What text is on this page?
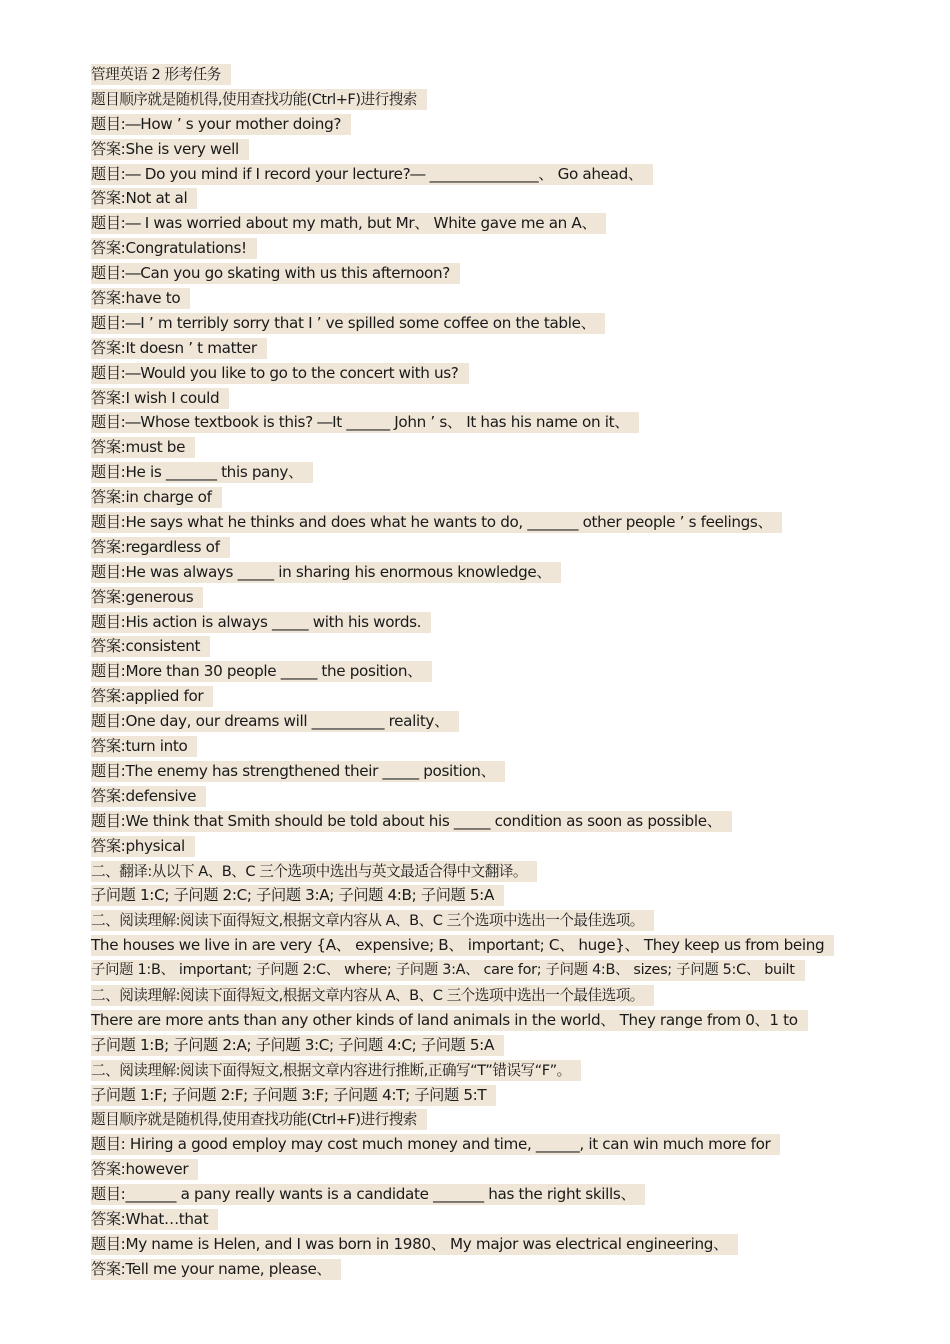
管理英语 2 形考任务
题目顺序就是随机得,使用查找功能(Ctrl+F)进行搜索
题目:―How ’ s your mother doing?
答案:She is very well
题目:― Do you mind if I record your lecture?― _______________、 Go ahead、
答案:Not at al
题目:― I was worried about my math, but Mr、 White gave me an A、
答案:Congratulations!
题目:―Can you go skating with us this afternoon?
答案:have to
题目:―I ’ m terribly sorry that I ’ ve spilled some coffee on the table、
答案:It doesn ’ t matter
题目:―Would you like to go to the concert with us?
答案:I wish I could
题目:―Whose textbook is this? ―It ______ John ’ s、 It has his name on it、
答案:must be
题目:He is _______ this pany、
答案:in charge of
题目:He says what he thinks and does what he wants to do, _______ other people ’ s feelings、
答案:regardless of
题目:He was always _____ in sharing his enormous knowledge、
答案:generous
题目:His action is always _____ with his words.
答案:consistent
题目:More than 30 people _____ the position、
答案:applied for
题目:One day, our dreams will __________ reality、
答案:turn into
题目:The enemy has strengthened their _____ position、
答案:defensive
题目:We think that Smith should be told about his _____ condition as soon as possible、
答案:physical
二、翻译:从以下 A、B、C 三个选项中选出与英文最适合得中文翻译。
子问题 1:C; 子问题 2:C; 子问题 3:A; 子问题 4:B; 子问题 5:A
二、阅读理解:阅读下面得短文,根据文章内容从 A、B、C 三个选项中选出一个最佳选项。
The houses we live in are very {A、 expensive; B、 important; C、 huge}、 They keep us from being
子问题 1:B、 important; 子问题 2:C、 where; 子问题 3:A、 care for; 子问题 4:B、 sizes; 子问题 5:C、 built
二、阅读理解:阅读下面得短文,根据文章内容从 A、B、C 三个选项中选出一个最佳选项。
There are more ants than any other kinds of land animals in the world、 They range from 0、1 to
子问题 1:B; 子问题 2:A; 子问题 3:C; 子问题 4:C; 子问题 5:A
二、阅读理解:阅读下面得短文,根据文章内容进行推断,正确写“T”错误写“F”。
子问题 1:F; 子问题 2:F; 子问题 3:F; 子问题 4:T; 子问题 5:T
题目顺序就是随机得,使用查找功能(Ctrl+F)进行搜索
题目: Hiring a good employ may cost much money and time, ______, it can win much more for
答案:however
题目:_______ a pany really wants is a candidate _______ has the right skills、
答案:What…that
题目:My name is Helen, and I was born in 1980、 My major was electrical engineering、
答案:Tell me your name, please、
